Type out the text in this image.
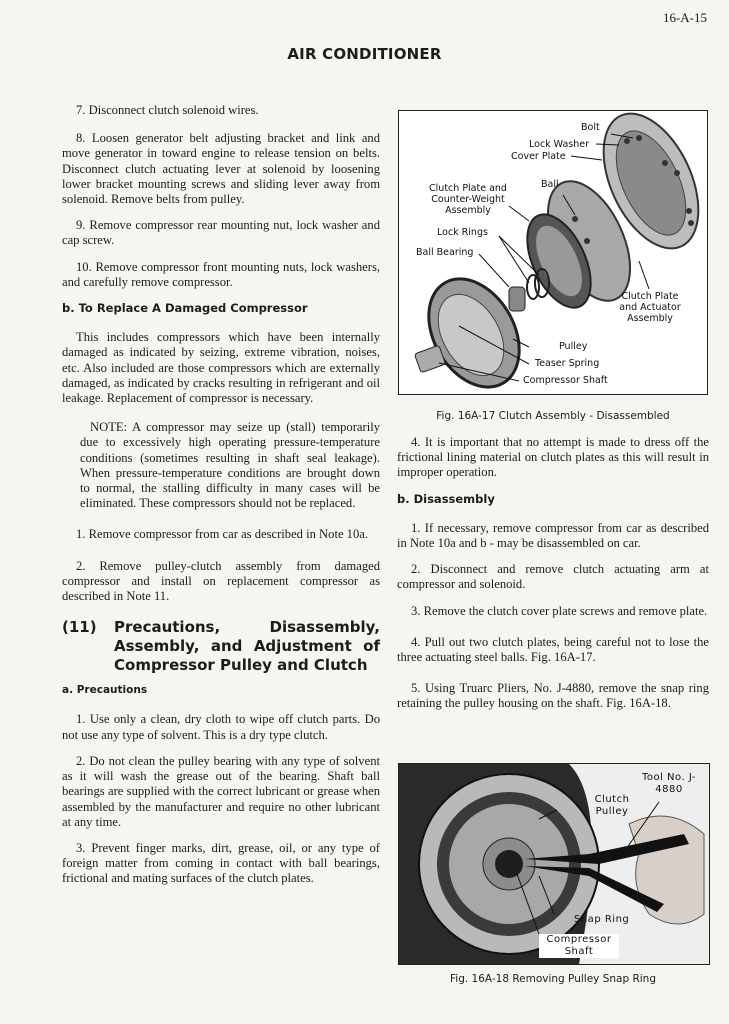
16-A-15
AIR CONDITIONER

7. Disconnect clutch solenoid wires.

8. Loosen generator belt adjusting bracket and link and move generator in toward engine to release tension on belts. Disconnect clutch actuating lever at solenoid by loosening lower bracket mounting screws and sliding lever away from solenoid. Remove belts from pulley.

9. Remove compressor rear mounting nut, lock washer and cap screw.

10. Remove compressor front mounting nuts, lock washers, and carefully remove compressor.

b. To Replace A Damaged Compressor

This includes compressors which have been internally damaged as indicated by seizing, extreme vibration, noises, etc. Also included are those compressors which are externally damaged, as indicated by cracks resulting in refrigerant and oil leakage. Replacement of compressor is necessary.

NOTE: A compressor may seize up (stall) temporarily due to excessively high operating pressure-temperature conditions (sometimes resulting in shaft seal leakage). When pressure-temperature conditions are brought down to normal, the stalling difficulty in many cases will be eliminated. These compressors should not be replaced.

1. Remove compressor from car as described in Note 10a.

2. Remove pulley-clutch assembly from damaged compressor and install on replacement compressor as described in Note 11.

(11)	Precautions, Disassembly, Assembly, and Adjustment of Compressor Pulley and Clutch
a. Precautions

1. Use only a clean, dry cloth to wipe off clutch parts. Do not use any type of solvent. This is a dry type clutch.

2. Do not clean the pulley bearing with any type of solvent as it will wash the grease out of the bearing. Shaft ball bearings are supplied with the correct lubricant or grease when assembled by the manufacturer and require no other lubricant at any time.

3. Prevent finger marks, dirt, grease, oil, or any type of foreign matter from coming in contact with ball bearings, frictional and mating surfaces of the clutch plates.

Bolt
Lock Washer
Cover Plate
Ball
Clutch Plate and Counter-Weight Assembly
Lock Rings
Ball Bearing
Clutch Plate and Actuator Assembly
Pulley
Teaser Spring
Compressor Shaft
Fig. 16A-17 Clutch Assembly - Disassembled

4. It is important that no attempt is made to dress off the frictional lining material on clutch plates as this will result in improper operation.

b. Disassembly

1. If necessary, remove compressor from car as described in Note 10a and b - may be disassembled on car.

2. Disconnect and remove clutch actuating arm at compressor and solenoid.

3. Remove the clutch cover plate screws and remove plate.

4. Pull out two clutch plates, being careful not to lose the three actuating steel balls. Fig. 16A-17.

5. Using Truarc Pliers, No. J-4880, remove the snap ring retaining the pulley housing on the shaft. Fig. 16A-18.

Tool No. J-4880
Clutch Pulley
Snap Ring
Compressor Shaft
Fig. 16A-18 Removing Pulley Snap Ring
